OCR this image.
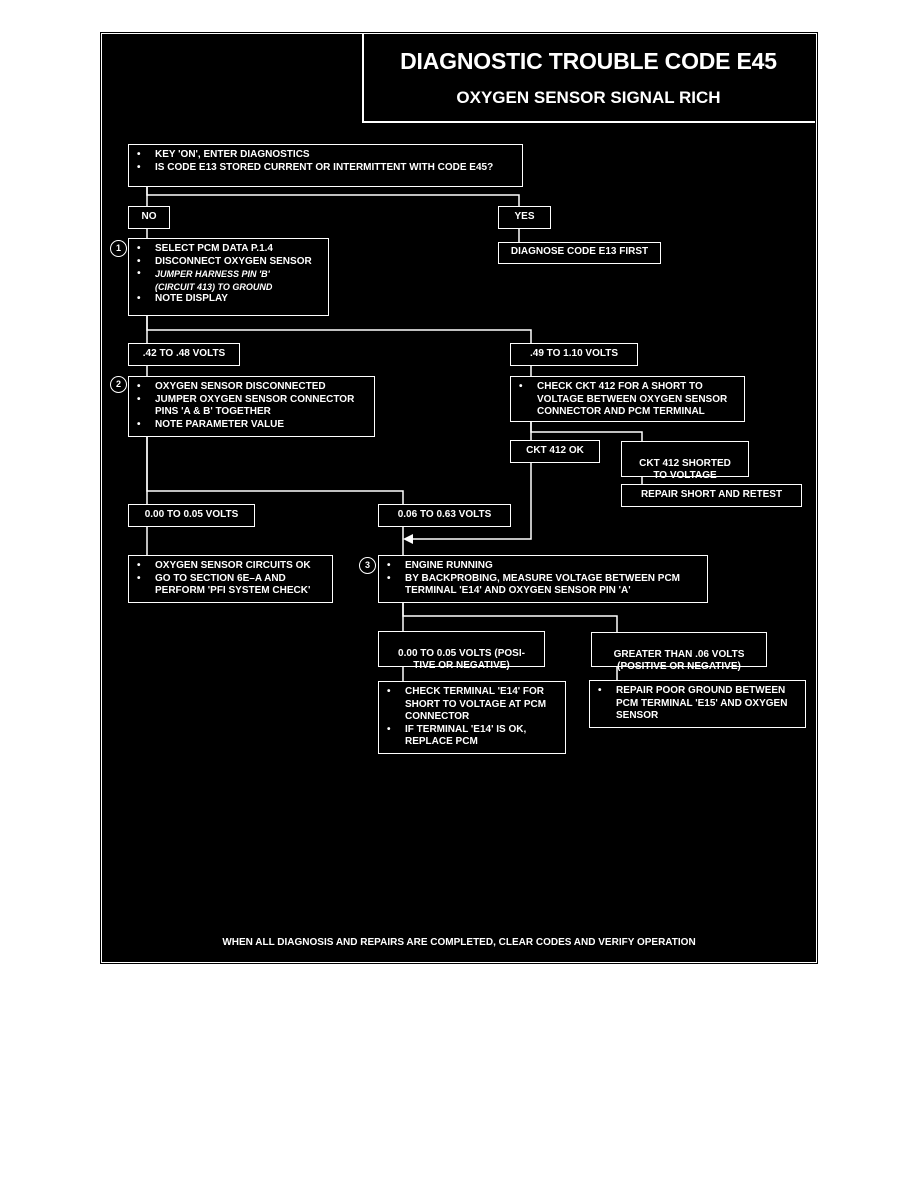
DIAGNOSTIC TROUBLE CODE E45
OXYGEN SENSOR SIGNAL RICH
• KEY 'ON', ENTER DIAGNOSTICS
• IS CODE E13 STORED CURRENT OR INTERMITTENT WITH CODE E45?
NO	YES
DIAGNOSE CODE E13 FIRST
1	• SELECT PCM DATA P.1.4
• DISCONNECT OXYGEN SENSOR
• JUMPER HARNESS PIN 'B'
(CIRCUIT 413) TO GROUND
• NOTE DISPLAY
.42 TO .48 VOLTS	.49 TO 1.10 VOLTS
2	• OXYGEN SENSOR DISCONNECTED
• JUMPER OXYGEN SENSOR CONNECTOR
PINS 'A & B' TOGETHER
• NOTE PARAMETER VALUE
• CHECK CKT 412 FOR A SHORT TO
VOLTAGE BETWEEN OXYGEN SENSOR
CONNECTOR AND PCM TERMINAL
CKT 412 OK

CKT 412 SHORTED
TO VOLTAGE

REPAIR SHORT AND RETEST
0.00 TO 0.05 VOLTS	0.06 TO 0.63 VOLTS
• OXYGEN SENSOR CIRCUITS OK
• GO TO SECTION 6E–A AND
PERFORM 'PFI SYSTEM CHECK'
3	• ENGINE RUNNING
• BY BACKPROBING, MEASURE VOLTAGE BETWEEN PCM
TERMINAL 'E14' AND OXYGEN SENSOR PIN 'A'

0.00 TO 0.05 VOLTS (POSI-
TIVE OR NEGATIVE)

GREATER THAN .06 VOLTS
(POSITIVE OR NEGATIVE)

• CHECK TERMINAL 'E14' FOR
SHORT TO VOLTAGE AT PCM
CONNECTOR
• IF TERMINAL 'E14' IS OK,
REPLACE PCM
• REPAIR POOR GROUND BETWEEN
PCM TERMINAL 'E15' AND OXYGEN
SENSOR
WHEN ALL DIAGNOSIS AND REPAIRS ARE COMPLETED, CLEAR CODES AND VERIFY OPERATION
